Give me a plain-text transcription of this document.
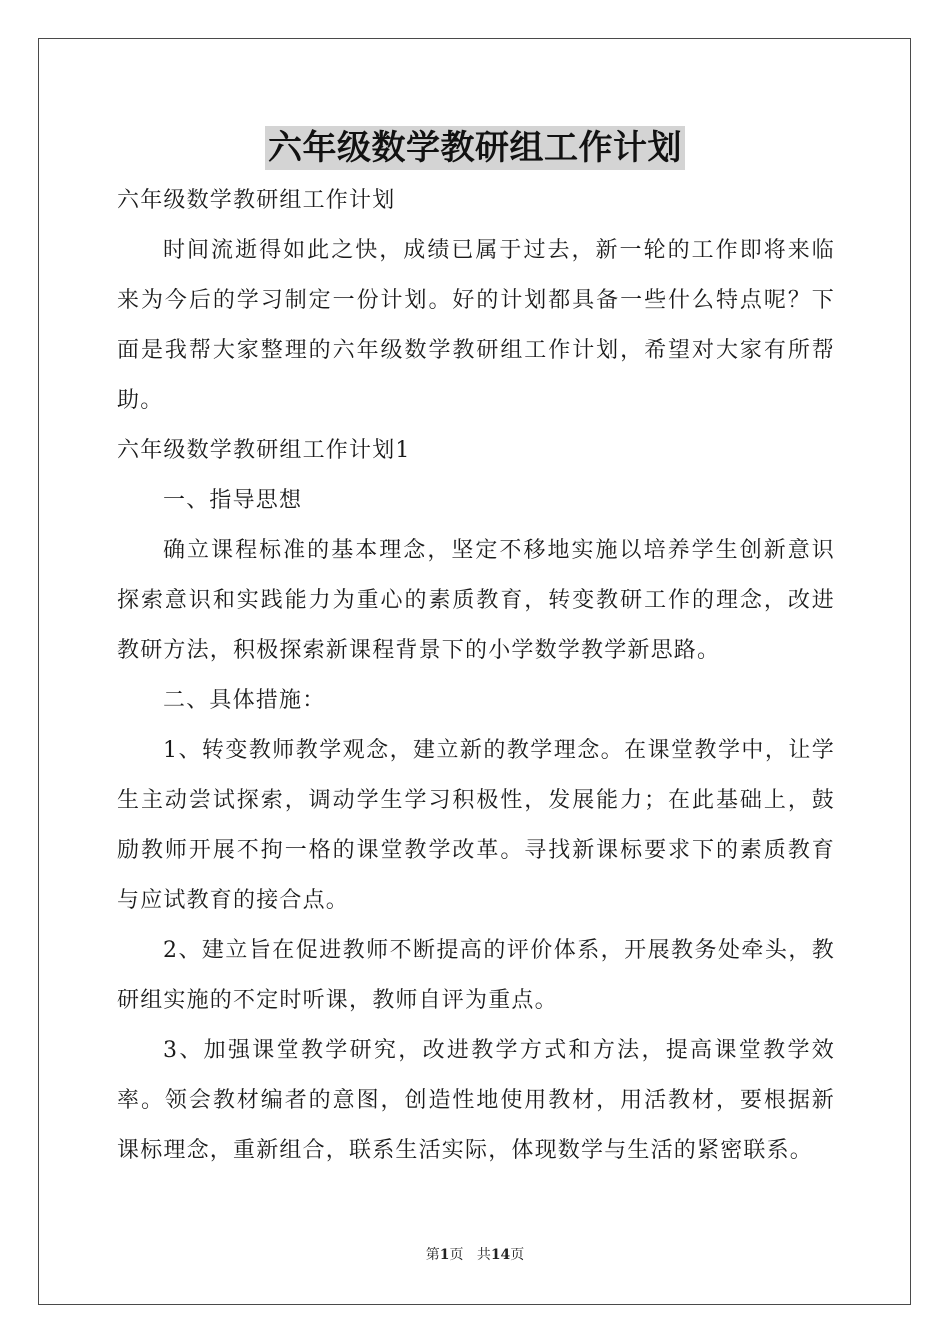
六年级数学教研组工作计划

六年级数学教研组工作计划

时间流逝得如此之快，成绩已属于过去，新一轮的工作即将来临来为今后的学习制定一份计划。好的计划都具备一些什么特点呢？下面是我帮大家整理的六年级数学教研组工作计划，希望对大家有所帮助。

六年级数学教研组工作计划1

一、指导思想

确立课程标准的基本理念，坚定不移地实施以培养学生创新意识探索意识和实践能力为重心的素质教育，转变教研工作的理念，改进教研方法，积极探索新课程背景下的小学数学教学新思路。

二、具体措施：

1、转变教师教学观念，建立新的教学理念。在课堂教学中，让学生主动尝试探索，调动学生学习积极性，发展能力；在此基础上，鼓励教师开展不拘一格的课堂教学改革。寻找新课标要求下的素质教育与应试教育的接合点。

2、建立旨在促进教师不断提高的评价体系，开展教务处牵头，教研组实施的不定时听课，教师自评为重点。

3、加强课堂教学研究，改进教学方式和方法，提高课堂教学效率。领会教材编者的意图，创造性地使用教材，用活教材，要根据新课标理念，重新组合，联系生活实际，体现数学与生活的紧密联系。

第1页 共14页
